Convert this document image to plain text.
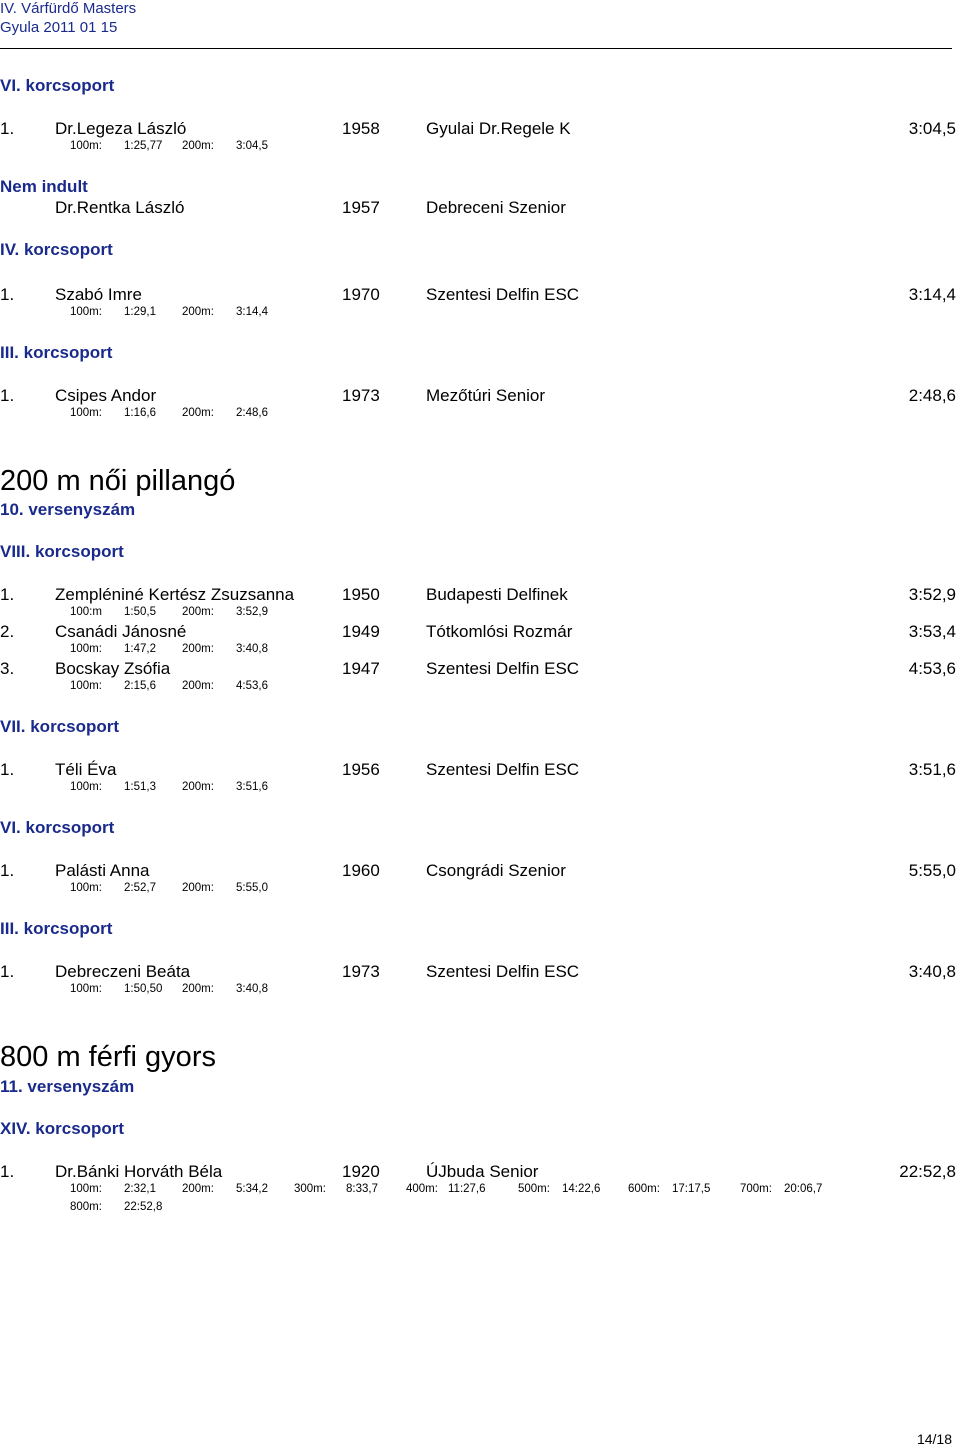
IV. Várfürdő Masters
Gyula 2011 01 15
VI. korcsoport
1. Dr.Legeza László	1958	Gyulai Dr.Regele K	3:04,5
100m: 1:25,77 200m: 3:04,5
Nem indult
Dr.Rentka László	1957	Debreceni Szenior
IV. korcsoport
1. Szabó Imre	1970	Szentesi Delfin ESC	3:14,4
100m: 1:29,1 200m: 3:14,4
III. korcsoport
1. Csipes Andor	1973	Mezőtúri Senior	2:48,6
100m: 1:16,6 200m: 2:48,6
200 m női pillangó
10. versenyszám
VIII. korcsoport
1. Zempléniné Kertész Zsuzsanna	1950	Budapesti Delfinek	3:52,9
100:m 1:50,5 200m: 3:52,9
2. Csanádi Jánosné	1949	Tótkomlósi Rozmár	3:53,4
100m: 1:47,2 200m: 3:40,8
3. Bocskay Zsófia	1947	Szentesi Delfin ESC	4:53,6
100m: 2:15,6 200m: 4:53,6
VII. korcsoport
1. Téli Éva	1956	Szentesi Delfin ESC	3:51,6
100m: 1:51,3 200m: 3:51,6
VI. korcsoport
1. Palásti Anna	1960	Csongrádi Szenior	5:55,0
100m: 2:52,7 200m: 5:55,0
III. korcsoport
1. Debreczeni Beáta	1973	Szentesi Delfin ESC	3:40,8
100m: 1:50,50 200m: 3:40,8
800 m férfi gyors
11. versenyszám
XIV. korcsoport
1. Dr.Bánki Horváth Béla	1920	ÚJbuda Senior	22:52,8
100m: 2:32,1 200m: 5:34,2 300m: 8:33,7 400m: 11:27,6	500m: 14:22,6 600m: 17:17,5	700m: 20:06,7
800m: 22:52,8
14/18
